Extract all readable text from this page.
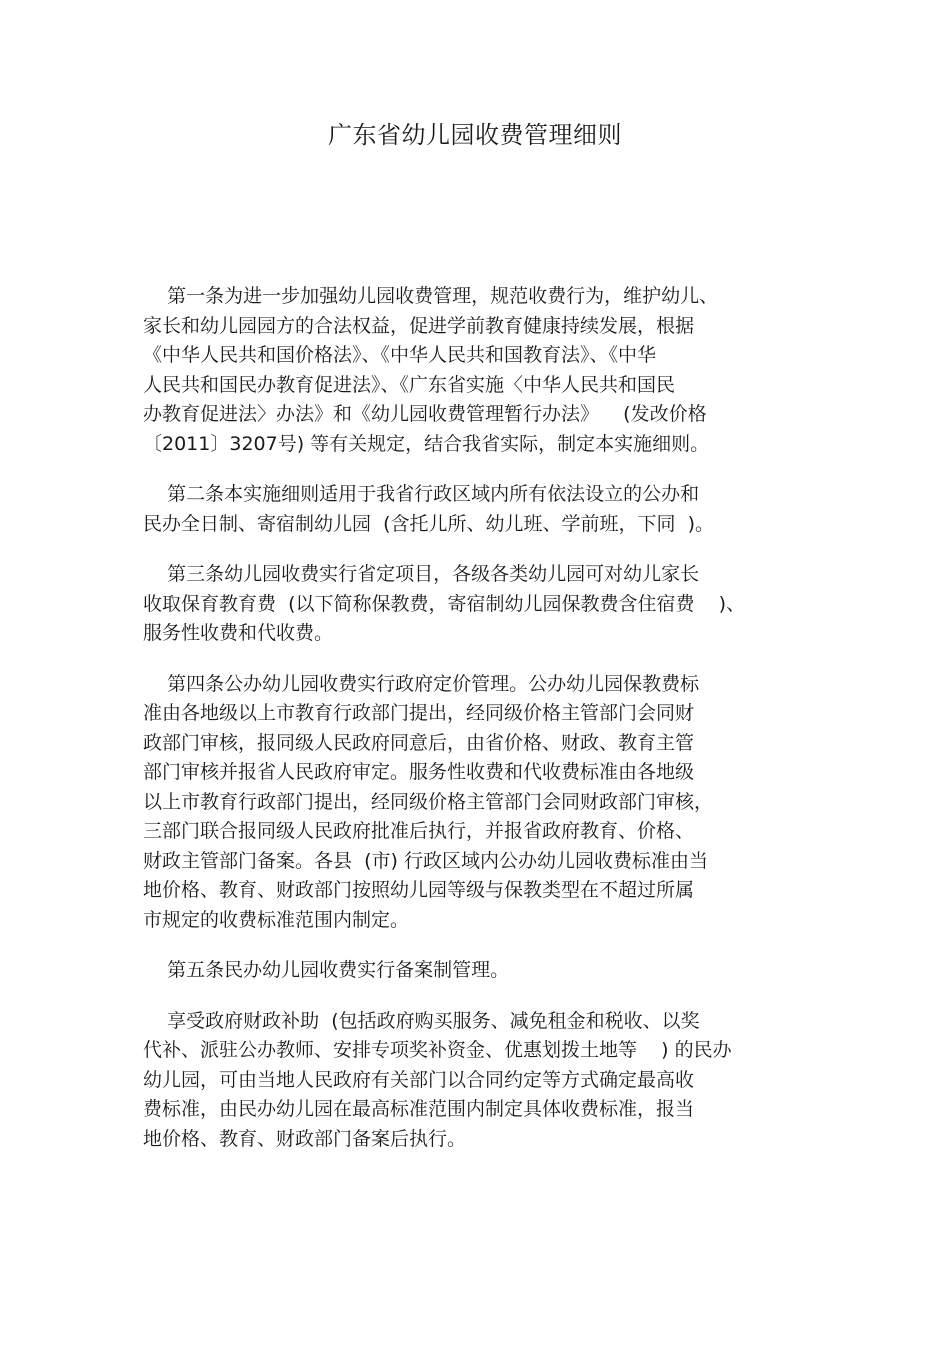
广东省幼儿园收费管理细则

第一条为进一步加强幼儿园收费管理，规范收费行为，维护幼儿、
家长和幼儿园园方的合法权益，促进学前教育健康持续发展，根据
《中华人民共和国价格法》、《中华人民共和国教育法》、《中华
人民共和国民办教育促进法》、《广东省实施〈中华人民共和国民
办教育促进法〉办法》和《幼儿园收费管理暂行办法》    (发改价格
〔2011〕3207号) 等有关规定，结合我省实际，制定本实施细则。

第二条本实施细则适用于我省行政区域内所有依法设立的公办和
民办全日制、寄宿制幼儿园  (含托儿所、幼儿班、学前班，下同  )。

第三条幼儿园收费实行省定项目，各级各类幼儿园可对幼儿家长
收取保育教育费  (以下简称保教费，寄宿制幼儿园保教费含住宿费    )、
服务性收费和代收费。

第四条公办幼儿园收费实行政府定价管理。公办幼儿园保教费标
准由各地级以上市教育行政部门提出，经同级价格主管部门会同财
政部门审核，报同级人民政府同意后，由省价格、财政、教育主管
部门审核并报省人民政府审定。服务性收费和代收费标准由各地级
以上市教育行政部门提出，经同级价格主管部门会同财政部门审核，
三部门联合报同级人民政府批准后执行，并报省政府教育、价格、
财政主管部门备案。各县  (市) 行政区域内公办幼儿园收费标准由当
地价格、教育、财政部门按照幼儿园等级与保教类型在不超过所属
市规定的收费标准范围内制定。

第五条民办幼儿园收费实行备案制管理。

享受政府财政补助  (包括政府购买服务、减免租金和税收、以奖
代补、派驻公办教师、安排专项奖补资金、优惠划拨土地等    ) 的民办
幼儿园，可由当地人民政府有关部门以合同约定等方式确定最高收
费标准，由民办幼儿园在最高标准范围内制定具体收费标准，报当
地价格、教育、财政部门备案后执行。
